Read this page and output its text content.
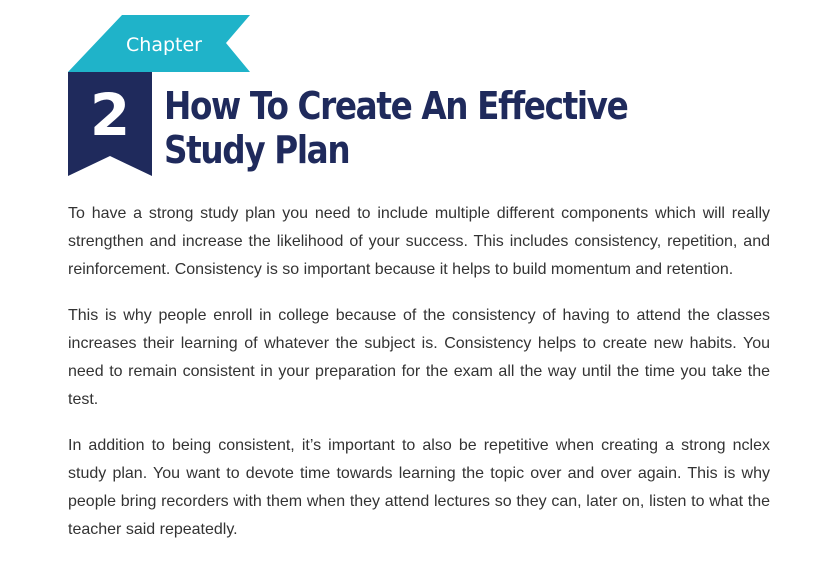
Chapter
2 How To Create An Effective Study Plan

To have a strong study plan you need to include multiple different components which will really strengthen and increase the likelihood of your success. This includes consistency, repetition, and reinforcement. Consistency is so important because it helps to build momentum and retention.

This is why people enroll in college because of the consistency of having to attend the classes increases their learning of whatever the subject is. Consistency helps to create new habits. You need to remain consistent in your preparation for the exam all the way until the time you take the test.

In addition to being consistent, it’s important to also be repetitive when creating a strong nclex study plan. You want to devote time towards learning the topic over and over again. This is why people bring recorders with them when they attend lectures so they can, later on, listen to what the teacher said repeatedly.
